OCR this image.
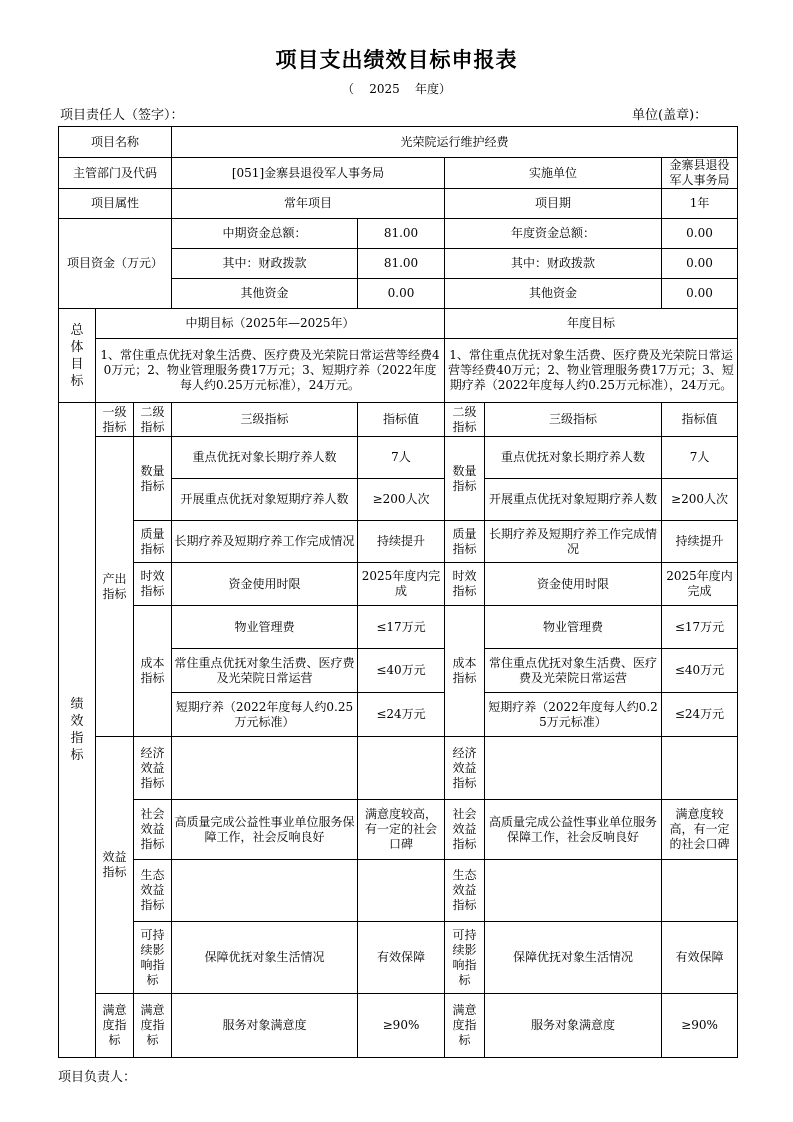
项目支出绩效目标申报表
（ 2025 年度）
项目责任人（签字）：	单位(盖章)：
项目名称			光荣院运行维护经费				
主管部门及代码			[051]金寨县退役军人事务局		实施单位		金寨县退役军人事务局
项目属性			常年项目		项目期		1年
项目资金（万元）			中期资金总额：	81.00	年度资金总额：		0.00
			其中：财政拨款	81.00	其中：财政拨款		0.00
			其他资金	0.00	其他资金		0.00
总体目标	中期目标（2025年—2025年）				年度目标		
	1、常住重点优抚对象生活费、医疗费及光荣院日常运营等经费40万元；2、物业管理服务费17万元；3、短期疗养（2022年度每人约0.25万元标准），24万元。				1、常住重点优抚对象生活费、医疗费及光荣院日常运营等经费40万元；2、物业管理服务费17万元；3、短期疗养（2022年度每人约0.25万元标准），24万元。		
绩效指标	一级指标	二级指标	三级指标	指标值	二级指标	三级指标	指标值
	产出指标	数量指标	重点优抚对象长期疗养人数	7人	数量指标	重点优抚对象长期疗养人数	7人
			开展重点优抚对象短期疗养人数	≥200人次		开展重点优抚对象短期疗养人数	≥200人次
		质量指标	长期疗养及短期疗养工作完成情况	持续提升	质量指标	长期疗养及短期疗养工作完成情况	持续提升
		时效指标	资金使用时限	2025年度内完成	时效指标	资金使用时限	2025年度内完成
		成本指标	物业管理费	≤17万元	成本指标	物业管理费	≤17万元
			常住重点优抚对象生活费、医疗费及光荣院日常运营	≤40万元		常住重点优抚对象生活费、医疗费及光荣院日常运营	≤40万元
			短期疗养（2022年度每人约0.25万元标准）	≤24万元		短期疗养（2022年度每人约0.25万元标准）	≤24万元
	效益指标	经济效益指标			经济效益指标		
		社会效益指标	高质量完成公益性事业单位服务保障工作，社会反响良好	满意度较高，有一定的社会口碑	社会效益指标	高质量完成公益性事业单位服务保障工作，社会反响良好	满意度较高，有一定的社会口碑
		生态效益指标			生态效益指标		
		可持续影响指标	保障优抚对象生活情况	有效保障	可持续影响指标	保障优抚对象生活情况	有效保障
	满意度指标	满意度指标	服务对象满意度	≥90%	满意度指标	服务对象满意度	≥90%
项目负责人：
